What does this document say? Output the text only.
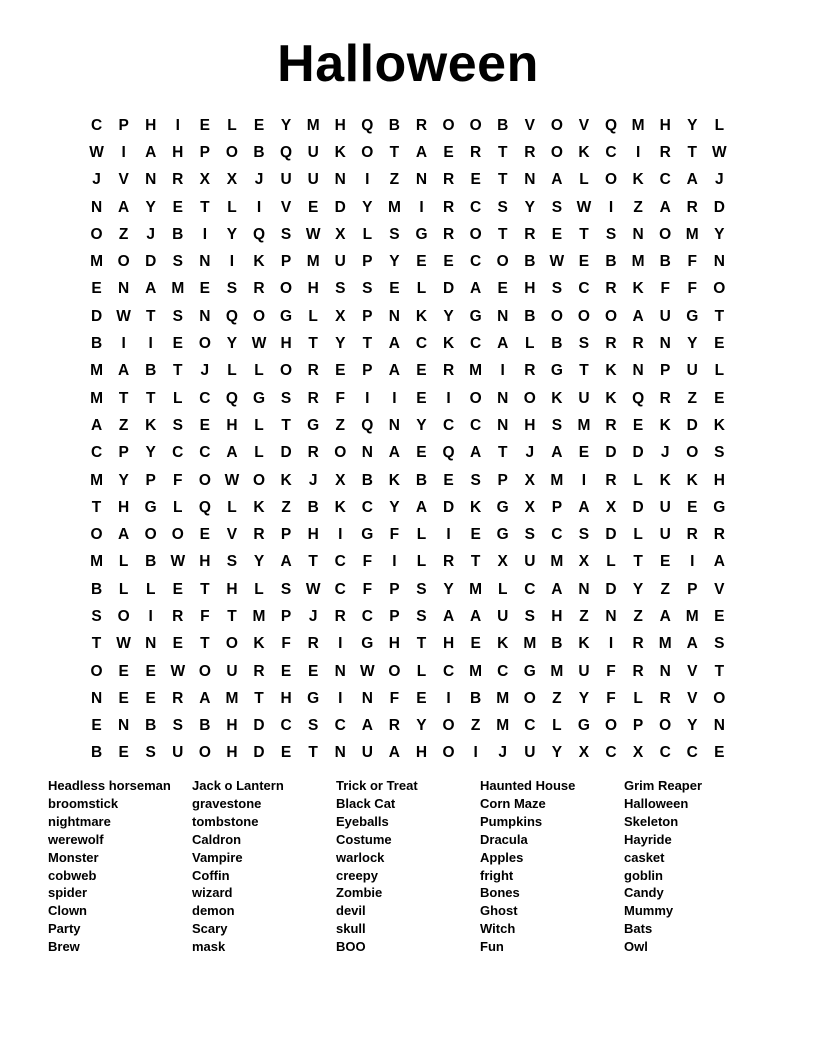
Halloween
C	P	H	I	E	L	E	Y M H Q B	R O O B	V	O	V	Q M H	Y	L
W	I	A	H	P	O B Q U	K O	T	A	E	R	T	R O K	C	I	R	T W
J	V	N	R	X	X	J	U	U	N	I	Z	N	R	E	T	N	A	L	O K	C	A	J
N	A	Y	E	T	L	I	V	E	D	Y M	I	R	C	S	Y	S W	I	Z	A	R	D
O	Z	J	B	I	Y	Q	S W X	L	S	G R O	T	R	E	T	S	N O M Y
M O D	S	N	I	K	P M U	P	Y	E	E	C O B W E	B M B	F	N
E	N	A M E	S	R O H	S	S	E	L	D	A	E	H	S	C	R	K	F	F	O
D W T	S	N Q O G	L	X	P	N	K	Y	G N	B O O O A	U G	T
B	I	I	E	O	Y W H	T	Y	T	A	C	K	C	A	L	B	S	R	R	N	Y	E
M A	B	T	J	L	L	O R	E	P	A	E	R M	I	R G	T	K	N	P	U	L
M	T	T	L	C Q G	S	R	F	I	I	E	I	O N O K	U	K Q R	Z	E
A	Z	K	S	E	H	L	T	G	Z	Q N	Y	C	C	N	H	S M R	E	K	D	K
C	P	Y	C	C	A	L	D	R O N	A	E	Q A	T	J	A	E	D	D	J	O	S
M Y	P	F	O W O K	J	X	B	K	B	E	S	P	X M	I	R	L	K	K	H
T	H G	L	Q	L	K	Z	B	K	C	Y	A	D	K G	X	P	A	X	D	U	E	G
O A O O	E	V	R	P	H	I	G	F	L	I	E	G	S	C	S	D	L	U	R	R
M	L	B W H	S	Y	A	T	C	F	I	L	R	T	X	U M X	L	T	E	I	A
B	L	L	E	T	H	L	S W C	F	P	S	Y M	L	C	A	N	D	Y	Z	P	V
S	O	I	R	F	T	M P	J	R	C	P	S	A	A	U	S	H	Z	N	Z	A M E
T W N	E	T	O K	F	R	I	G H	T	H	E	K M B	K	I	R M A	S
O	E	E W O U	R	E	E	N W O	L	C M C G M U	F	R	N	V	T
N	E	E	R	A M	T	H G	I	N	F	E	I	B M O	Z	Y	F	L	R	V	O
E	N	B	S	B	H	D	C	S	C	A	R	Y	O	Z	M C	L	G O	P	O	Y	N
B	E	S	U O H	D	E	T	N	U	A	H O	I	J	U	Y	X	C	X	C	C	E
Headless horseman
broomstick
nightmare
werewolf
Monster
cobweb
spider
Clown
Party
Brew
Jack o Lantern
gravestone
tombstone
Caldron
Vampire
Coffin
wizard
demon
Scary
mask
Trick or Treat
Black Cat
Eyeballs
Costume
warlock
creepy
Zombie
devil
skull
BOO
Haunted House
Corn Maze
Pumpkins
Dracula
Apples
fright
Bones
Ghost
Witch
Fun
Grim Reaper
Halloween
Skeleton
Hayride
casket
goblin
Candy
Mummy
Bats
Owl
